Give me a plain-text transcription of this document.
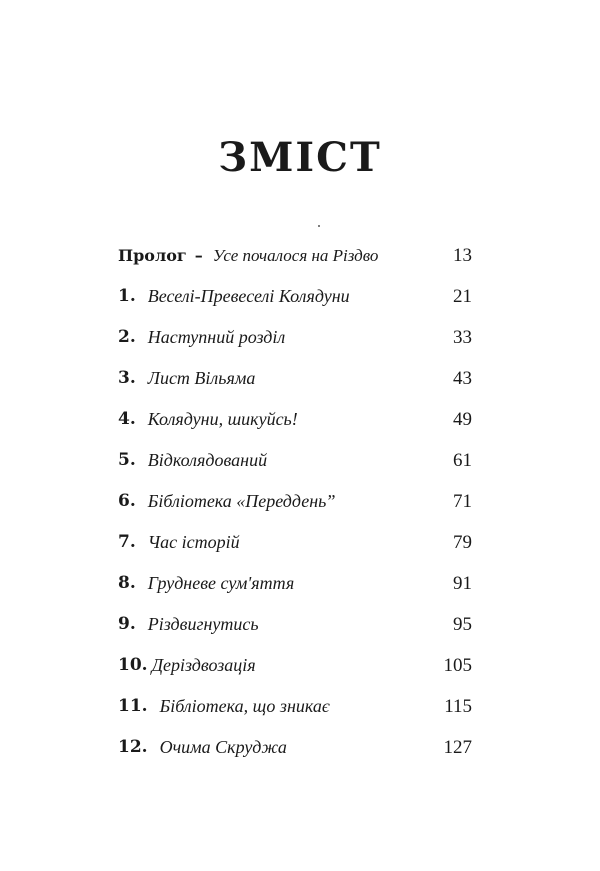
ЗМІСТ
Пролог – Усе почалося на Різдво	13
1. Веселі-Превеселі Колядуни	21
2. Наступний розділ	33
3. Лист Вільяма	43
4. Колядуни, шикуйсь!	49
5. Відколядований	61
6. Бібліотека «Передденьˮ	71
7. Час історій	79
8. Грудневе сум'яття	91
9. Різдвигнутись	95
10. Деріздвозація	105
11. Бібліотека, що зникає	115
12. Очима Скруджа	127
